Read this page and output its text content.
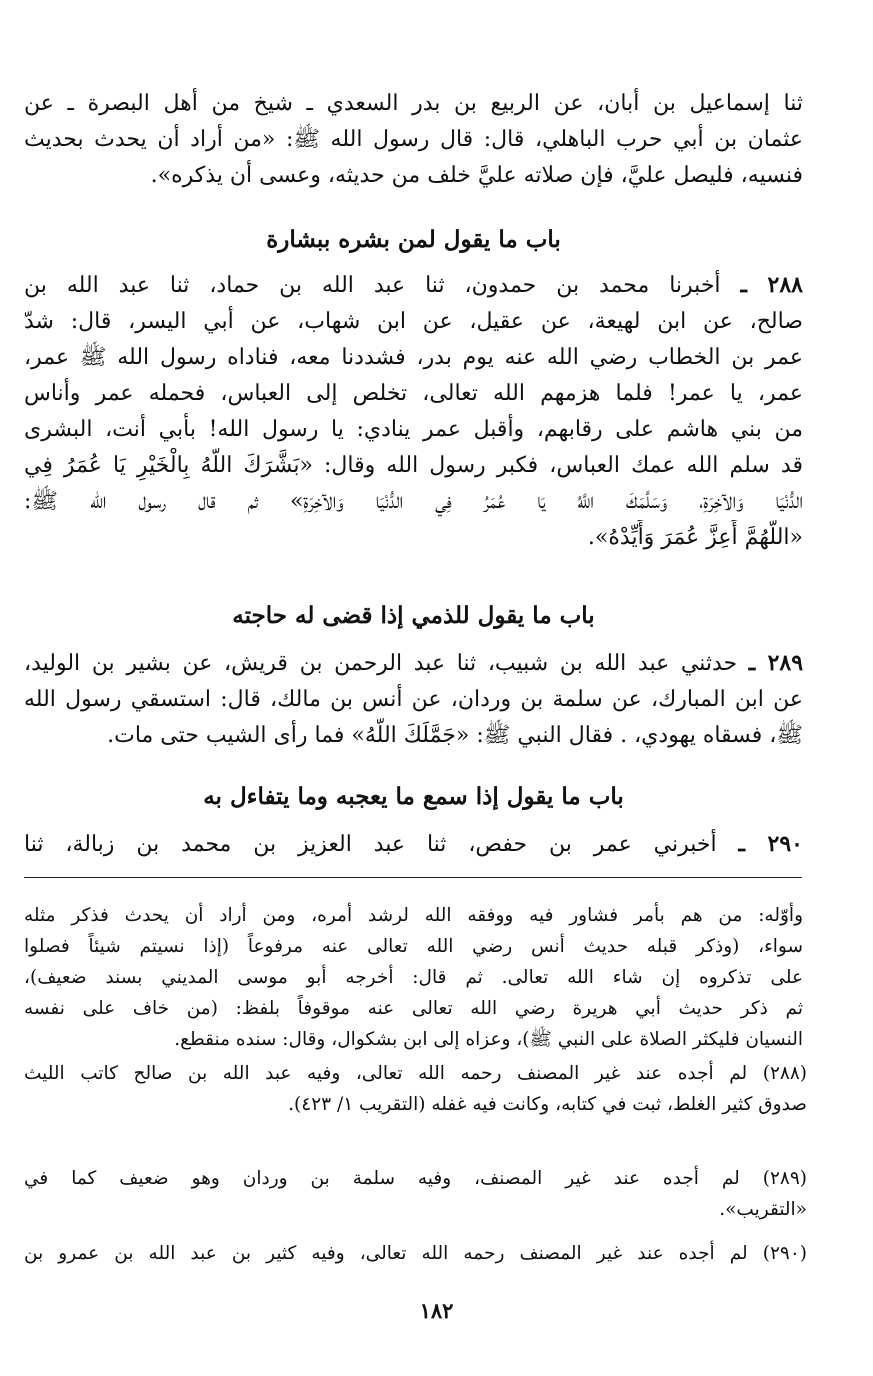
ثنا إسماعيل بن أبان، عن الربيع بن بدر السعدي ـ شيخ من أهل البصرة ـ عن
عثمان بن أبي حرب الباهلي، قال: قال رسول الله ﷺ: «من أراد أن يحدث بحديث
فنسيه، فليصل عليَّ، فإن صلاته عليَّ خلف من حديثه، وعسى أن يذكره».
باب ما يقول لمن بشره ببشارة
٢٨٨ ـ أخبرنا محمد بن حمدون، ثنا عبد الله بن حماد، ثنا عبد الله بن
صالح، عن ابن لهيعة، عن عقيل، عن ابن شهاب، عن أبي اليسر، قال: شدّ
عمر بن الخطاب رضي الله عنه يوم بدر، فشددنا معه، فناداه رسول الله ﷺ عمر،
عمر، يا عمر! فلما هزمهم الله تعالى، تخلص إلى العباس، فحمله عمر وأناس
من بني هاشم على رقابهم، وأقبل عمر ينادي: يا رسول الله! بأبي أنت، البشرى
قد سلم الله عمك العباس، فكبر رسول الله وقال: «بَشَّرَكَ اللَّهُ بِالْخَيْرِ يَا عُمَرُ فِي
الدُّنْيَا وَالآخِرَةِ، وَسَلَّمَكَ اللَّهُ يَا عُمَرُ فِي الدُّنْيَا وَالآخِرَةِ» ثم قال رسول الله ﷺ:
«اللَّهُمَّ أَعِزَّ عُمَرَ وَأَيِّدْهُ».
باب ما يقول للذمي إذا قضى له حاجته
٢٨٩ ـ حدثني عبد الله بن شبيب، ثنا عبد الرحمن بن قريش، عن بشير بن الوليد،
عن ابن المبارك، عن سلمة بن وردان، عن أنس بن مالك، قال: استسقي رسول الله
ﷺ، فسقاه يهودي، . فقال النبي ﷺ: «جَمَّلَكَ اللَّهُ» فما رأى الشيب حتى مات.
باب ما يقول إذا سمع ما يعجبه وما يتفاءل به
٢٩٠ ـ أخبرني عمر بن حفص، ثنا عبد العزيز بن محمد بن زبالة، ثنا
وأوّله: من هم بأمر فشاور فيه ووفقه الله لرشد أمره، ومن أراد أن يحدث فذكر مثله
سواء، (وذكر قبله حديث أنس رضي الله تعالى عنه مرفوعاً (إذا نسيتم شيئاً فصلوا
على تذكروه إن شاء الله تعالى. ثم قال: أخرجه أبو موسى المديني بسند ضعيف)،
ثم ذكر حديث أبي هريرة رضي الله تعالى عنه موقوفاً بلفظ: (من خاف على نفسه
النسيان فليكثر الصلاة على النبي ﷺ)، وعزاه إلى ابن بشكوال، وقال: سنده منقطع.
(٢٨٨) لم أجده عند غير المصنف رحمه الله تعالى، وفيه عبد الله بن صالح كاتب الليث
صدوق كثير الغلط، ثبت في كتابه، وكانت فيه غفله (التقريب ١/ ٤٢٣).
(٢٨٩) لم أجده عند غير المصنف، وفيه سلمة بن وردان وهو ضعيف كما في
«التقريب».
(٢٩٠) لم أجده عند غير المصنف رحمه الله تعالى، وفيه كثير بن عبد الله بن عمرو بن
١٨٢
